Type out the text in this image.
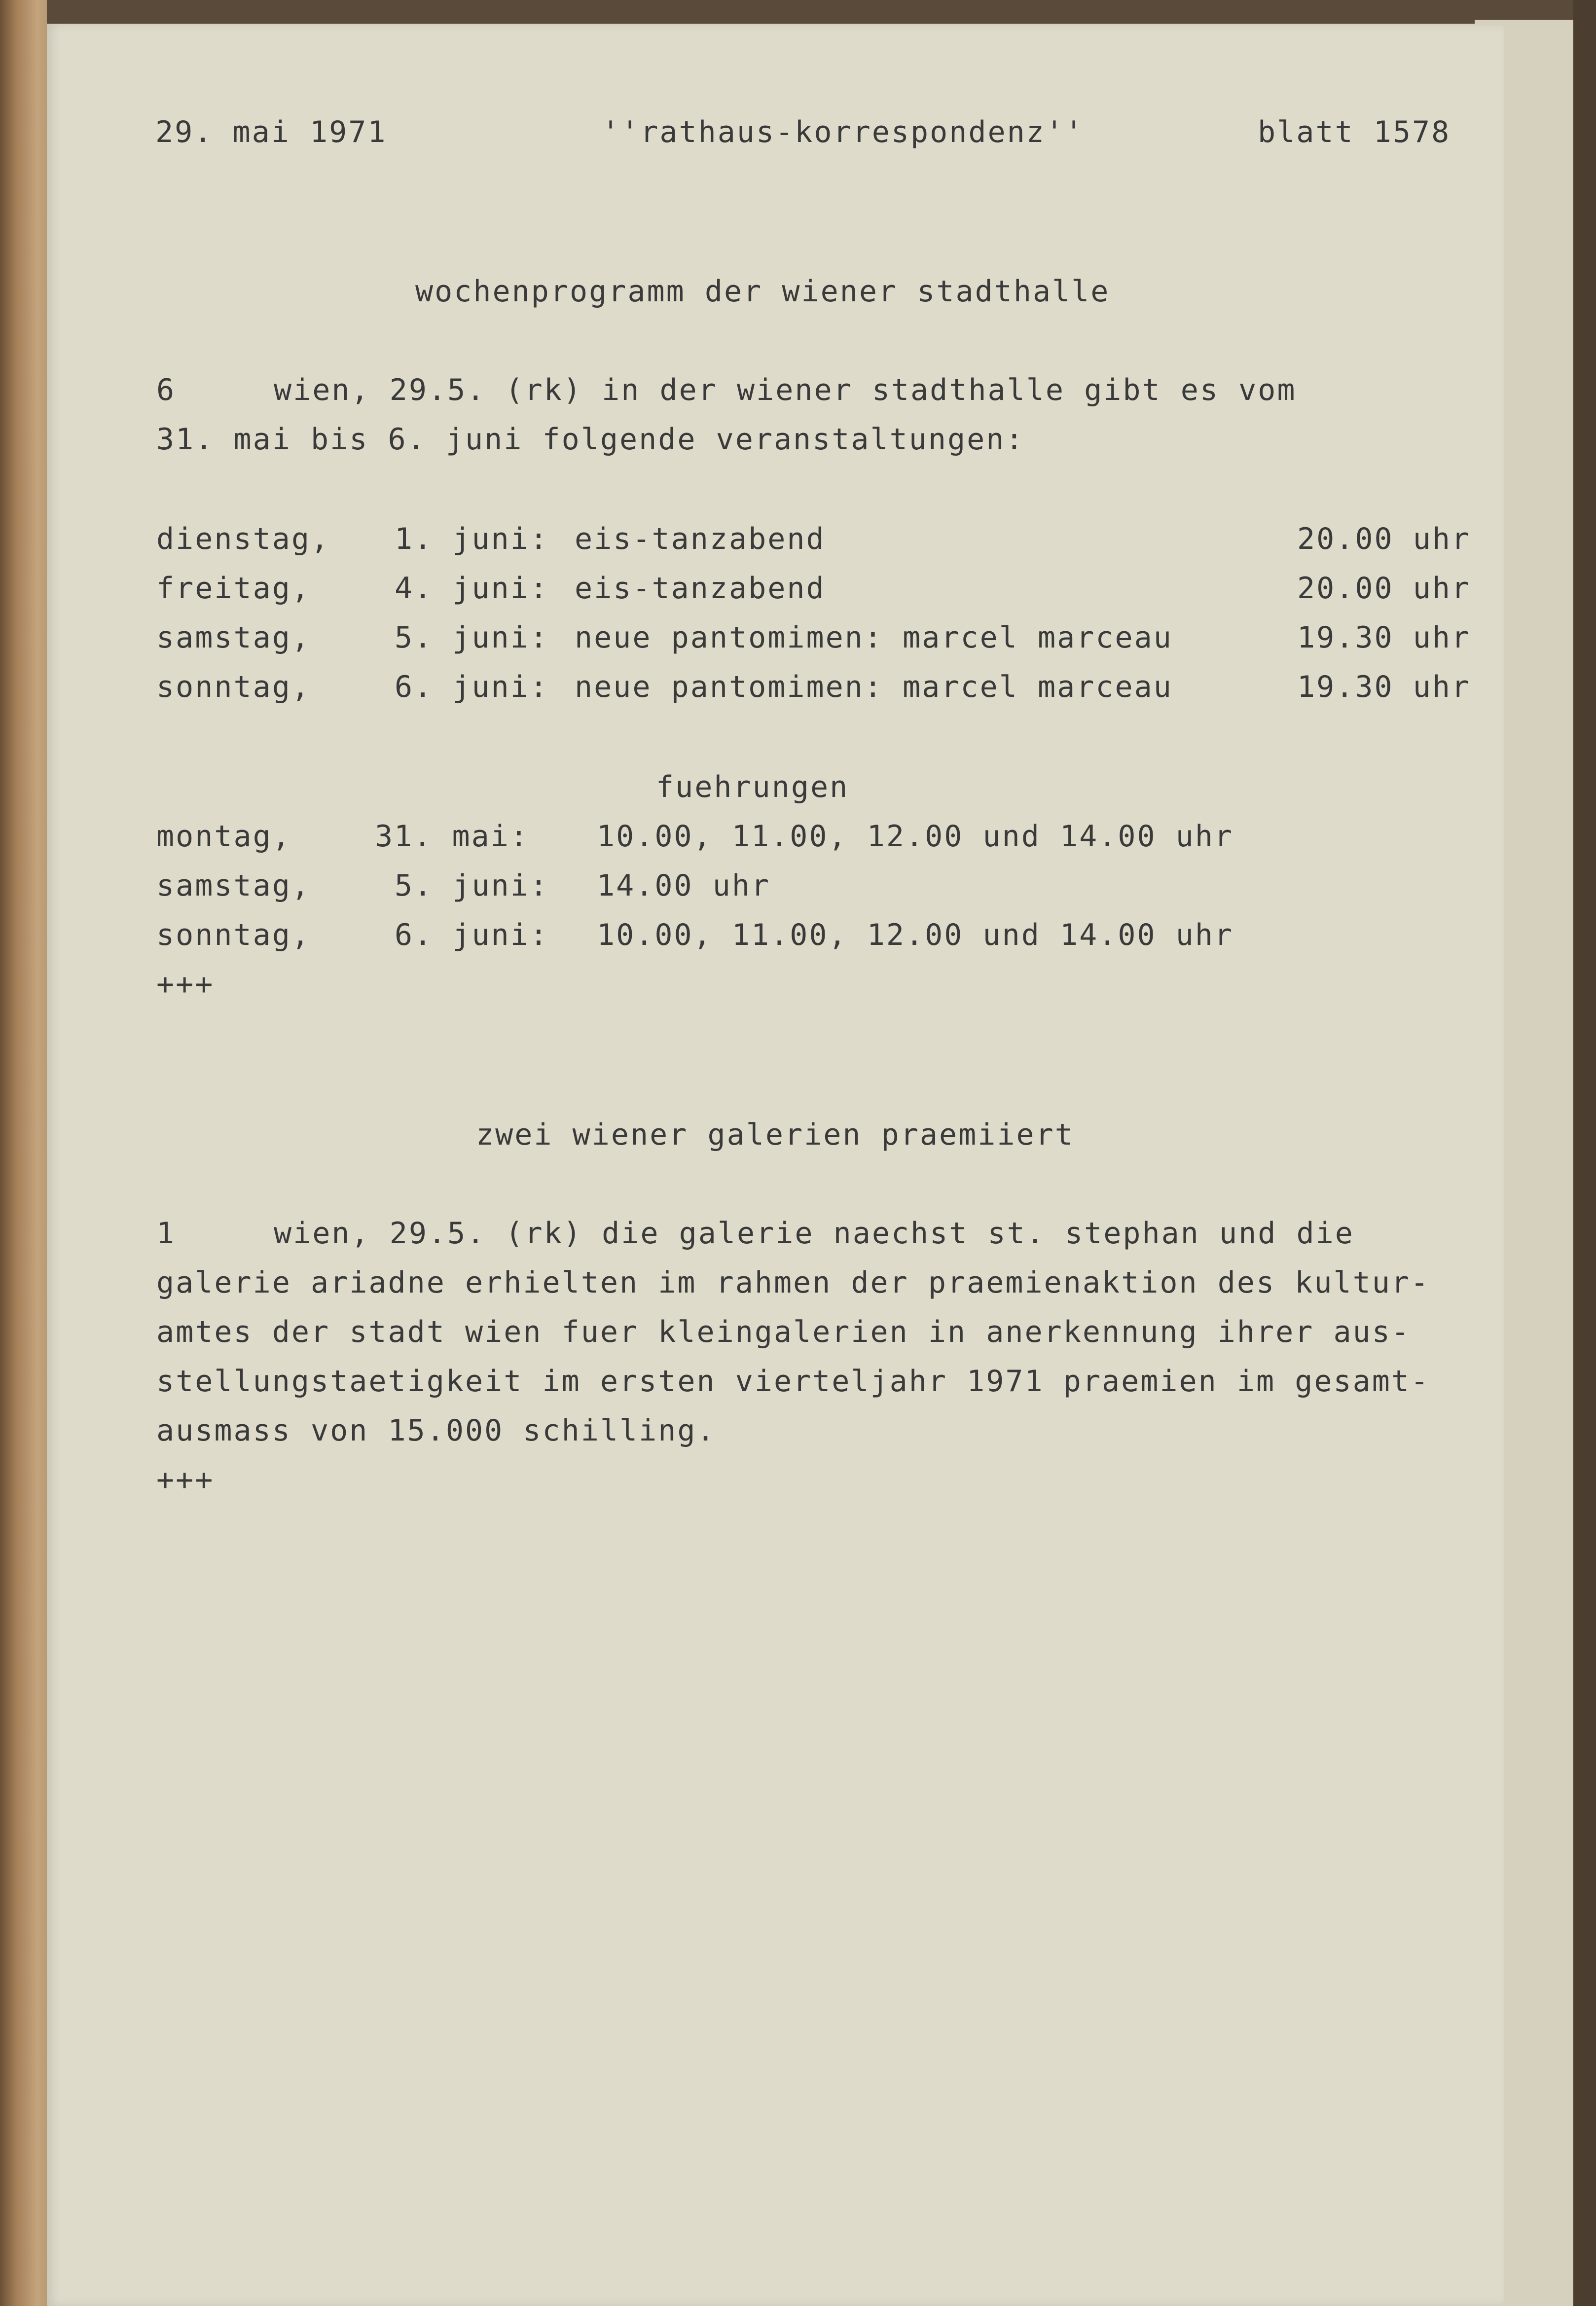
29. mai 1971	''rathaus-korrespondenz''	blatt 1578
wochenprogramm der wiener stadthalle
6	wien, 29.5. (rk) in der wiener stadthalle gibt es vom
31. mai bis 6. juni folgende veranstaltungen:
dienstag, 1. juni: eis-tanzabend	20.00 uhr
freitag,	4. juni: eis-tanzabend	20.00 uhr
samstag,	5. juni: neue pantomimen: marcel marceau	19.30 uhr
sonntag,	6. juni: neue pantomimen: marcel marceau	19.30 uhr
fuehrungen
montag,	31. mai: 10.00, 11.00, 12.00 und 14.00 uhr
samstag,	5. juni: 14.00 uhr
sonntag,	6. juni: 10.00, 11.00, 12.00 und 14.00 uhr
+++
zwei wiener galerien praemiiert
1	wien, 29.5. (rk) die galerie naechst st. stephan und die
galerie ariadne erhielten im rahmen der praemienaktion des kultur-
amtes der stadt wien fuer kleingalerien in anerkennung ihrer aus-
stellungstaetigkeit im ersten vierteljahr 1971 praemien im gesamt-
ausmass von 15.000 schilling.
+++
